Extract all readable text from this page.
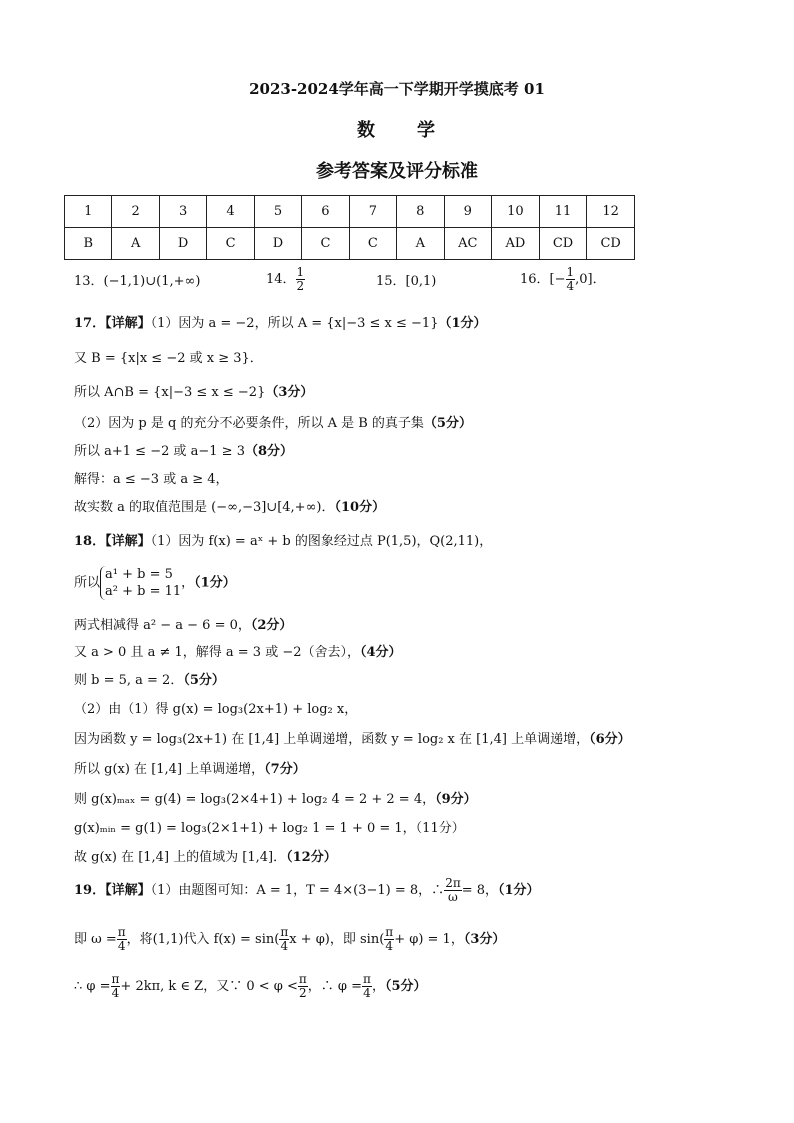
2023-2024学年高一下学期开学摸底考 01
数 学
参考答案及评分标准
1	2	3	4	5	6	7	8	9	10	11	12
B	A	D	C	D	C	C	A	AC	AD	CD	CD
13．(−1,1)∪(1,+∞)	14． $\frac{1}{2}$	15．[0,1)	16．[− $\frac{1}{4} ,0$]．
17．【详解】（1）因为 a = −2，所以 A = {x|−3 ≤ x ≤ −1}（1分）
又 B = {x|x ≤ −2 或 x ≥ 3}．
所以 A∩B = {x|−3 ≤ x ≤ −2}（3分）
（2）因为 p 是 q 的充分不必要条件，所以 A 是 B 的真子集（5分）
所以 a+1 ≤ −2 或 a−1 ≥ 3（8分）
解得：a ≤ −3 或 a ≥ 4，
故实数 a 的取值范围是 (−∞,−3]∪[4,+∞)．（10分）
18．【详解】（1）因为 f(x) = aˣ + b 的图象经过点 P(1,5)，Q(2,11)，
所以
a¹ + b = 5
a² + b = 11
，（1分）
两式相减得 a² − a − 6 = 0，（2分）
又 a > 0 且 a ≠ 1，解得 a = 3 或 −2（舍去），（4分）
则 b = 5, a = 2．（5分）
（2）由（1）得 g(x) = log₃(2x+1) + log₂ x，
因为函数 y = log₃(2x+1) 在 [1,4] 上单调递增，函数 y = log₂ x 在 [1,4] 上单调递增，（6分）
所以 g(x) 在 [1,4] 上单调递增，（7分）
则 g(x)ₘₐₓ = g(4) = log₃(2×4+1) + log₂ 4 = 2 + 2 = 4，（9分）
g(x)ₘᵢₙ = g(1) = log₃(2×1+1) + log₂ 1 = 1 + 0 = 1，（11分）
故 g(x) 在 [1,4] 上的值域为 [1,4]．（12分）
19．【详解】（1）由题图可知：A = 1，T = 4×(3−1) = 8，∴ $\frac{2\pi}{\omega} = 8$，（1分）
即 $\omega = \frac{\pi}{4}$ ，将(1,1)代入 $f(x) = \sin( \frac{\pi}{4}$ x + φ)，即 $\sin( \frac{\pi}{4} + \varphi) = 1$，（3分）
∴ $\varphi = \frac{\pi}{4} + 2k\pi$, k ∈ Z，又∵ $0 < \varphi < \frac{\pi}{2}$ ，∴ $\varphi = \frac{\pi}{4}$ ，（5分）
